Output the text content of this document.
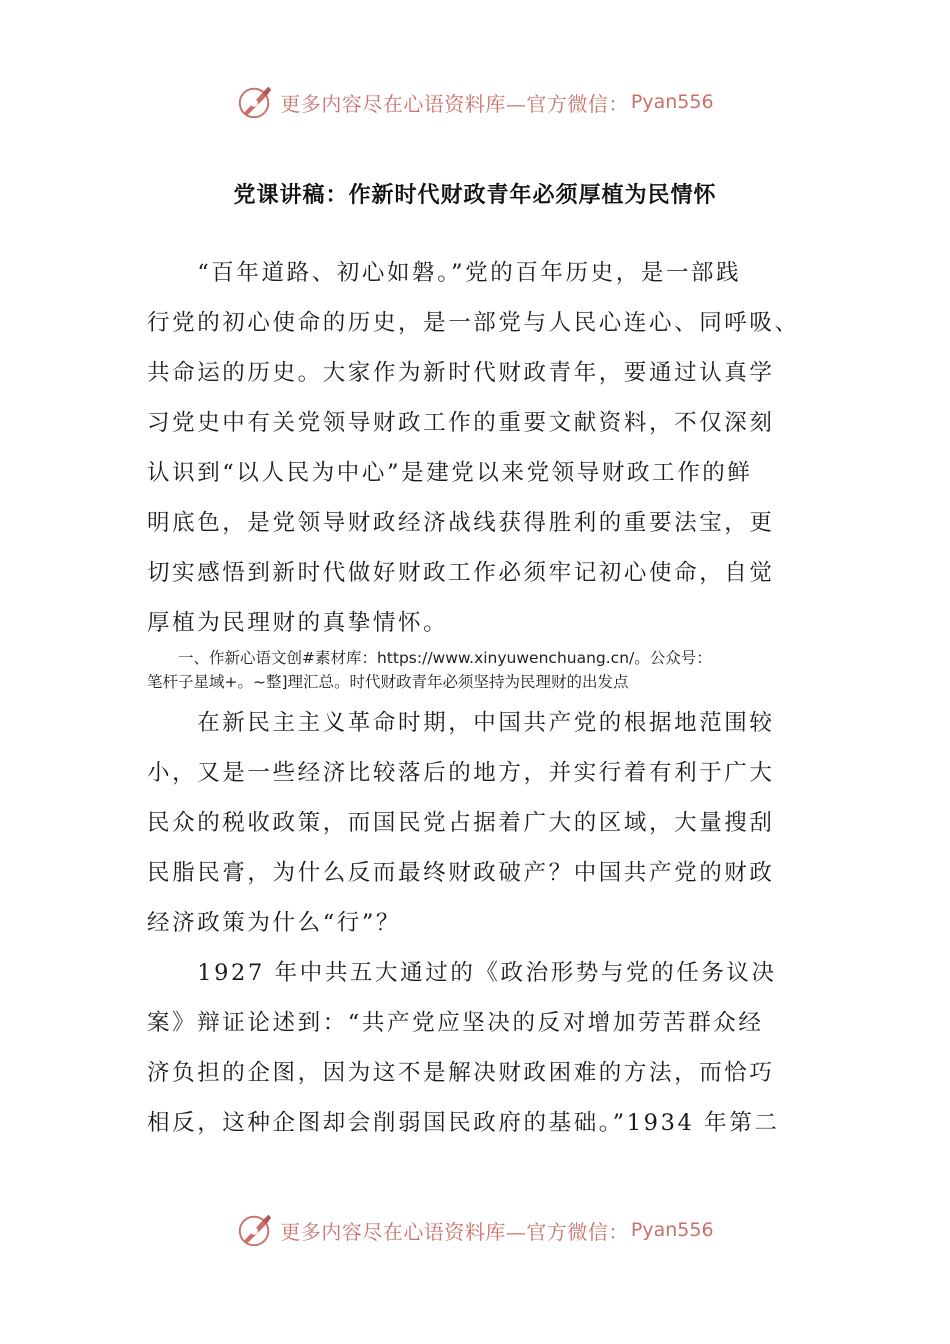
更多内容尽在心语资料库—官方微信： Pyan556
党课讲稿：作新时代财政青年必须厚植为民情怀
　　“百年道路、初心如磐。”党的百年历史，是一部践
行党的初心使命的历史，是一部党与人民心连心、同呼吸、
共命运的历史。大家作为新时代财政青年，要通过认真学
习党史中有关党领导财政工作的重要文献资料，不仅深刻
认识到“以人民为中心”是建党以来党领导财政工作的鲜
明底色，是党领导财政经济战线获得胜利的重要法宝，更
切实感悟到新时代做好财政工作必须牢记初心使命，自觉
厚植为民理财的真挚情怀。
　　一、作新心语文创#素材库：https://www.xinyuwenchuang.cn/。公众号：
笔杆子星域+。~整]理汇总。时代财政青年必须坚持为民理财的出发点
　　在新民主主义革命时期，中国共产党的根据地范围较
小，又是一些经济比较落后的地方，并实行着有利于广大
民众的税收政策，而国民党占据着广大的区域，大量搜刮
民脂民膏，为什么反而最终财政破产？中国共产党的财政
经济政策为什么“行”？
　　1927 年中共五大通过的《政治形势与党的任务议决
案》辩证论述到：“共产党应坚决的反对增加劳苦群众经
济负担的企图，因为这不是解决财政困难的方法，而恰巧
相反，这种企图却会削弱国民政府的基础。”1934 年第二
更多内容尽在心语资料库—官方微信： Pyan556
